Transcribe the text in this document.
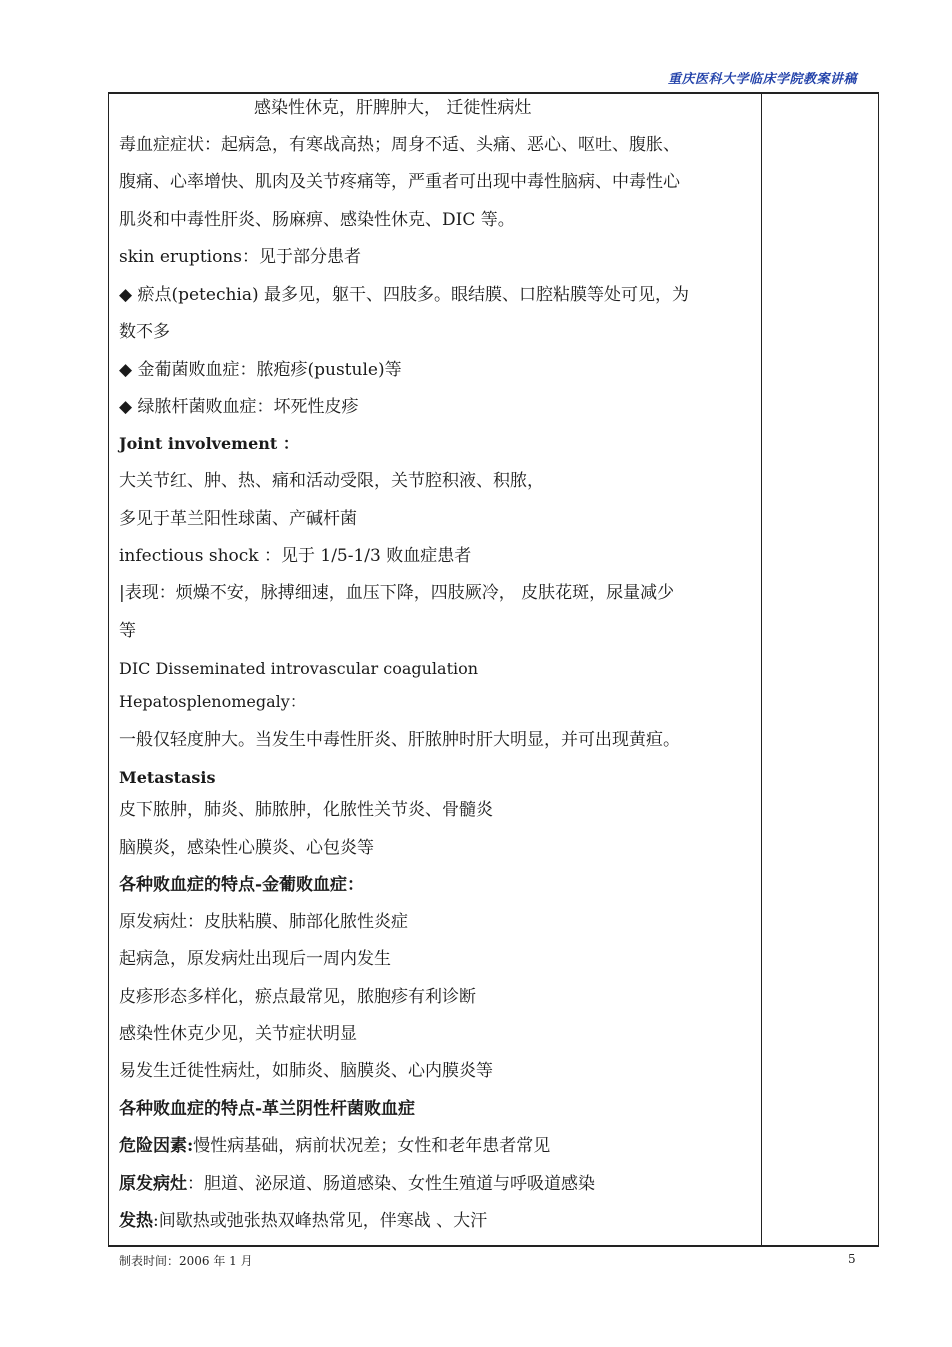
重庆医科大学临床学院教案讲稿
感染性休克，肝脾肿大， 迁徙性病灶
毒血症症状：起病急，有寒战高热；周身不适、头痛、恶心、呕吐、腹胀、
腹痛、心率增快、肌肉及关节疼痛等，严重者可出现中毒性脑病、中毒性心
肌炎和中毒性肝炎、肠麻痹、感染性休克、DIC 等。
skin eruptions：见于部分患者
◆ 瘀点(petechia) 最多见，躯干、四肢多。眼结膜、口腔粘膜等处可见，为
数不多
◆ 金葡菌败血症：脓疱疹(pustule)等
◆ 绿脓杆菌败血症：坏死性皮疹
Joint involvement ：
大关节红、肿、热、痛和活动受限，关节腔积液、积脓，
多见于革兰阳性球菌、产碱杆菌
infectious shock ：见于 1/5-1/3 败血症患者
|表现：烦燥不安，脉搏细速，血压下降，四肢厥冷， 皮肤花斑，尿量减少
等
DIC Disseminated introvascular coagulation
Hepatosplenomegaly：
一般仅轻度肿大。当发生中毒性肝炎、肝脓肿时肝大明显，并可出现黄疸。
Metastasis
皮下脓肿，肺炎、肺脓肿，化脓性关节炎、骨髓炎
脑膜炎，感染性心膜炎、心包炎等
各种败血症的特点-金葡败血症：
原发病灶：皮肤粘膜、肺部化脓性炎症
起病急，原发病灶出现后一周内发生
皮疹形态多样化，瘀点最常见，脓胞疹有利诊断
感染性休克少见，关节症状明显
易发生迁徙性病灶，如肺炎、脑膜炎、心内膜炎等
各种败血症的特点-革兰阴性杆菌败血症
危险因素:慢性病基础，病前状况差；女性和老年患者常见
原发病灶：胆道、泌尿道、肠道感染、女性生殖道与呼吸道感染
发热:间歇热或弛张热双峰热常见，伴寒战 、大汗
制表时间：2006 年 1 月	5
